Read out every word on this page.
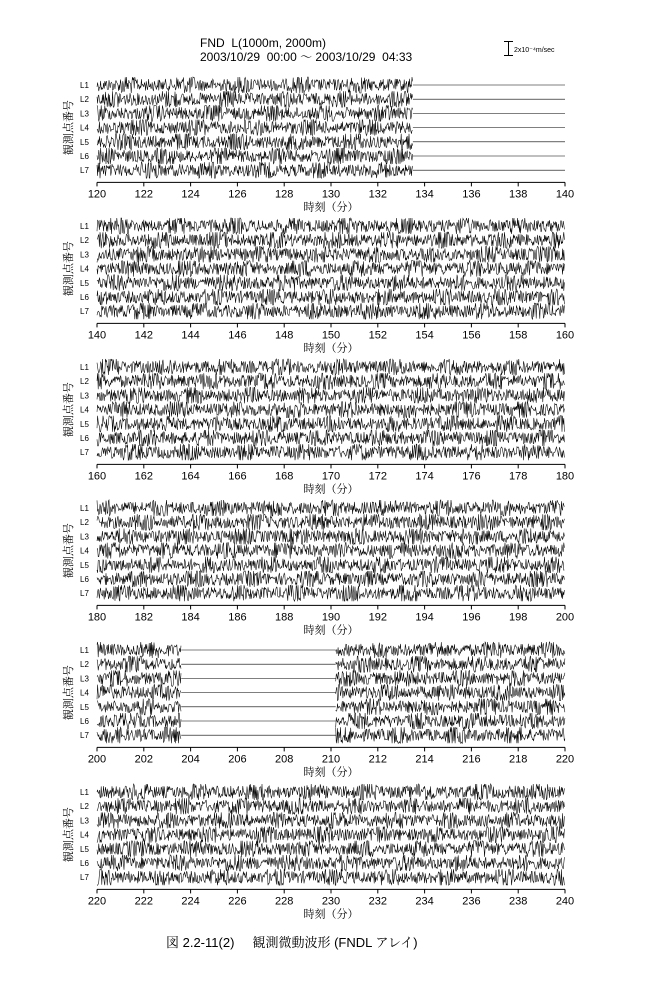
FND  L(1000m, 2000m)
2003/10/29  00:00 ～ 2003/10/29  04:33	2x10⁻⁴m/sec
120	122	124	126	128	130	132	134	136	138	140
時刻（分）
観測点番号
L1
L2
L3
L4
L5
L6
L7
140	142	144	146	148	150	152	154	156	158	160
時刻（分）
観測点番号
L1
L2
L3
L4
L5
L6
L7
160	162	164	166	168	170	172	174	176	178	180
時刻（分）
観測点番号
L1
L2
L3
L4
L5
L6
L7
180	182	184	186	188	190	192	194	196	198	200
時刻（分）
観測点番号
L1
L2
L3
L4
L5
L6
L7
200	202	204	206	208	210	212	214	216	218	220
時刻（分）
観測点番号
L1
L2
L3
L4
L5
L6
L7
220	222	224	226	228	230	232	234	236	238	240
時刻（分）
観測点番号
L1
L2
L3
L4
L5
L6
L7
図 2.2-11(2)     観測微動波形 (FNDL アレイ)
